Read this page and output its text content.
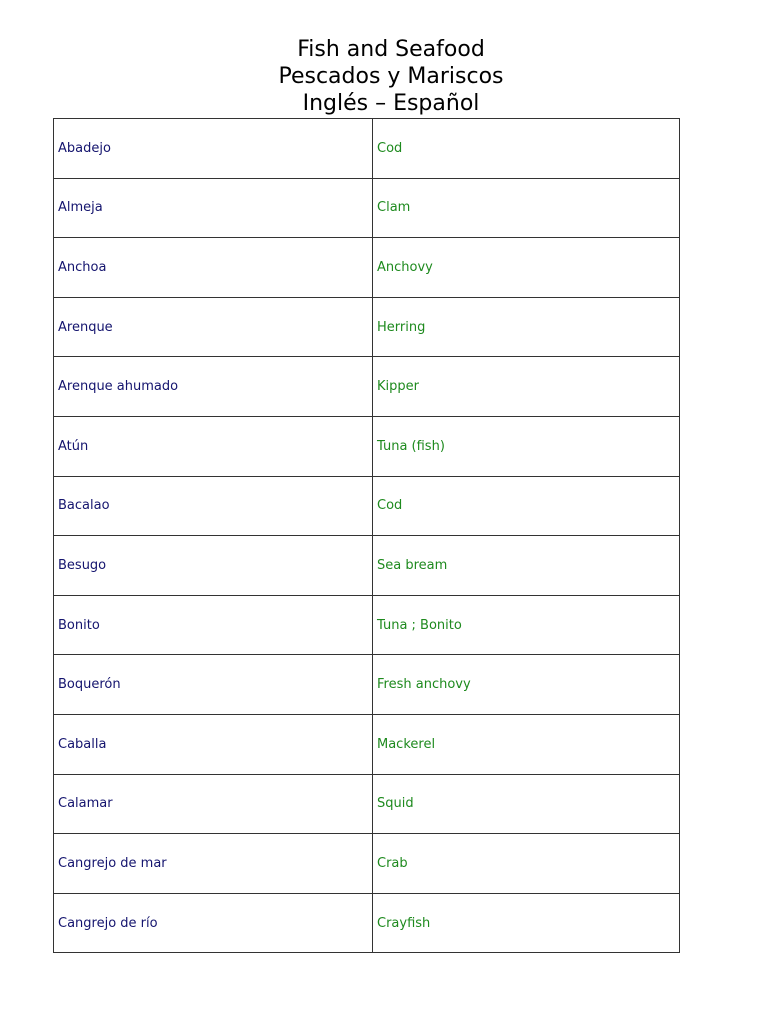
Fish and Seafood
Pescados y Mariscos
Inglés – Español
Abadejo	Cod
Almeja	Clam
Anchoa	Anchovy
Arenque	Herring
Arenque ahumado	Kipper
Atún	Tuna (fish)
Bacalao	Cod
Besugo	Sea bream
Bonito	Tuna ; Bonito
Boquerón	Fresh anchovy
Caballa	Mackerel
Calamar	Squid
Cangrejo de mar	Crab
Cangrejo de río	Crayfish
